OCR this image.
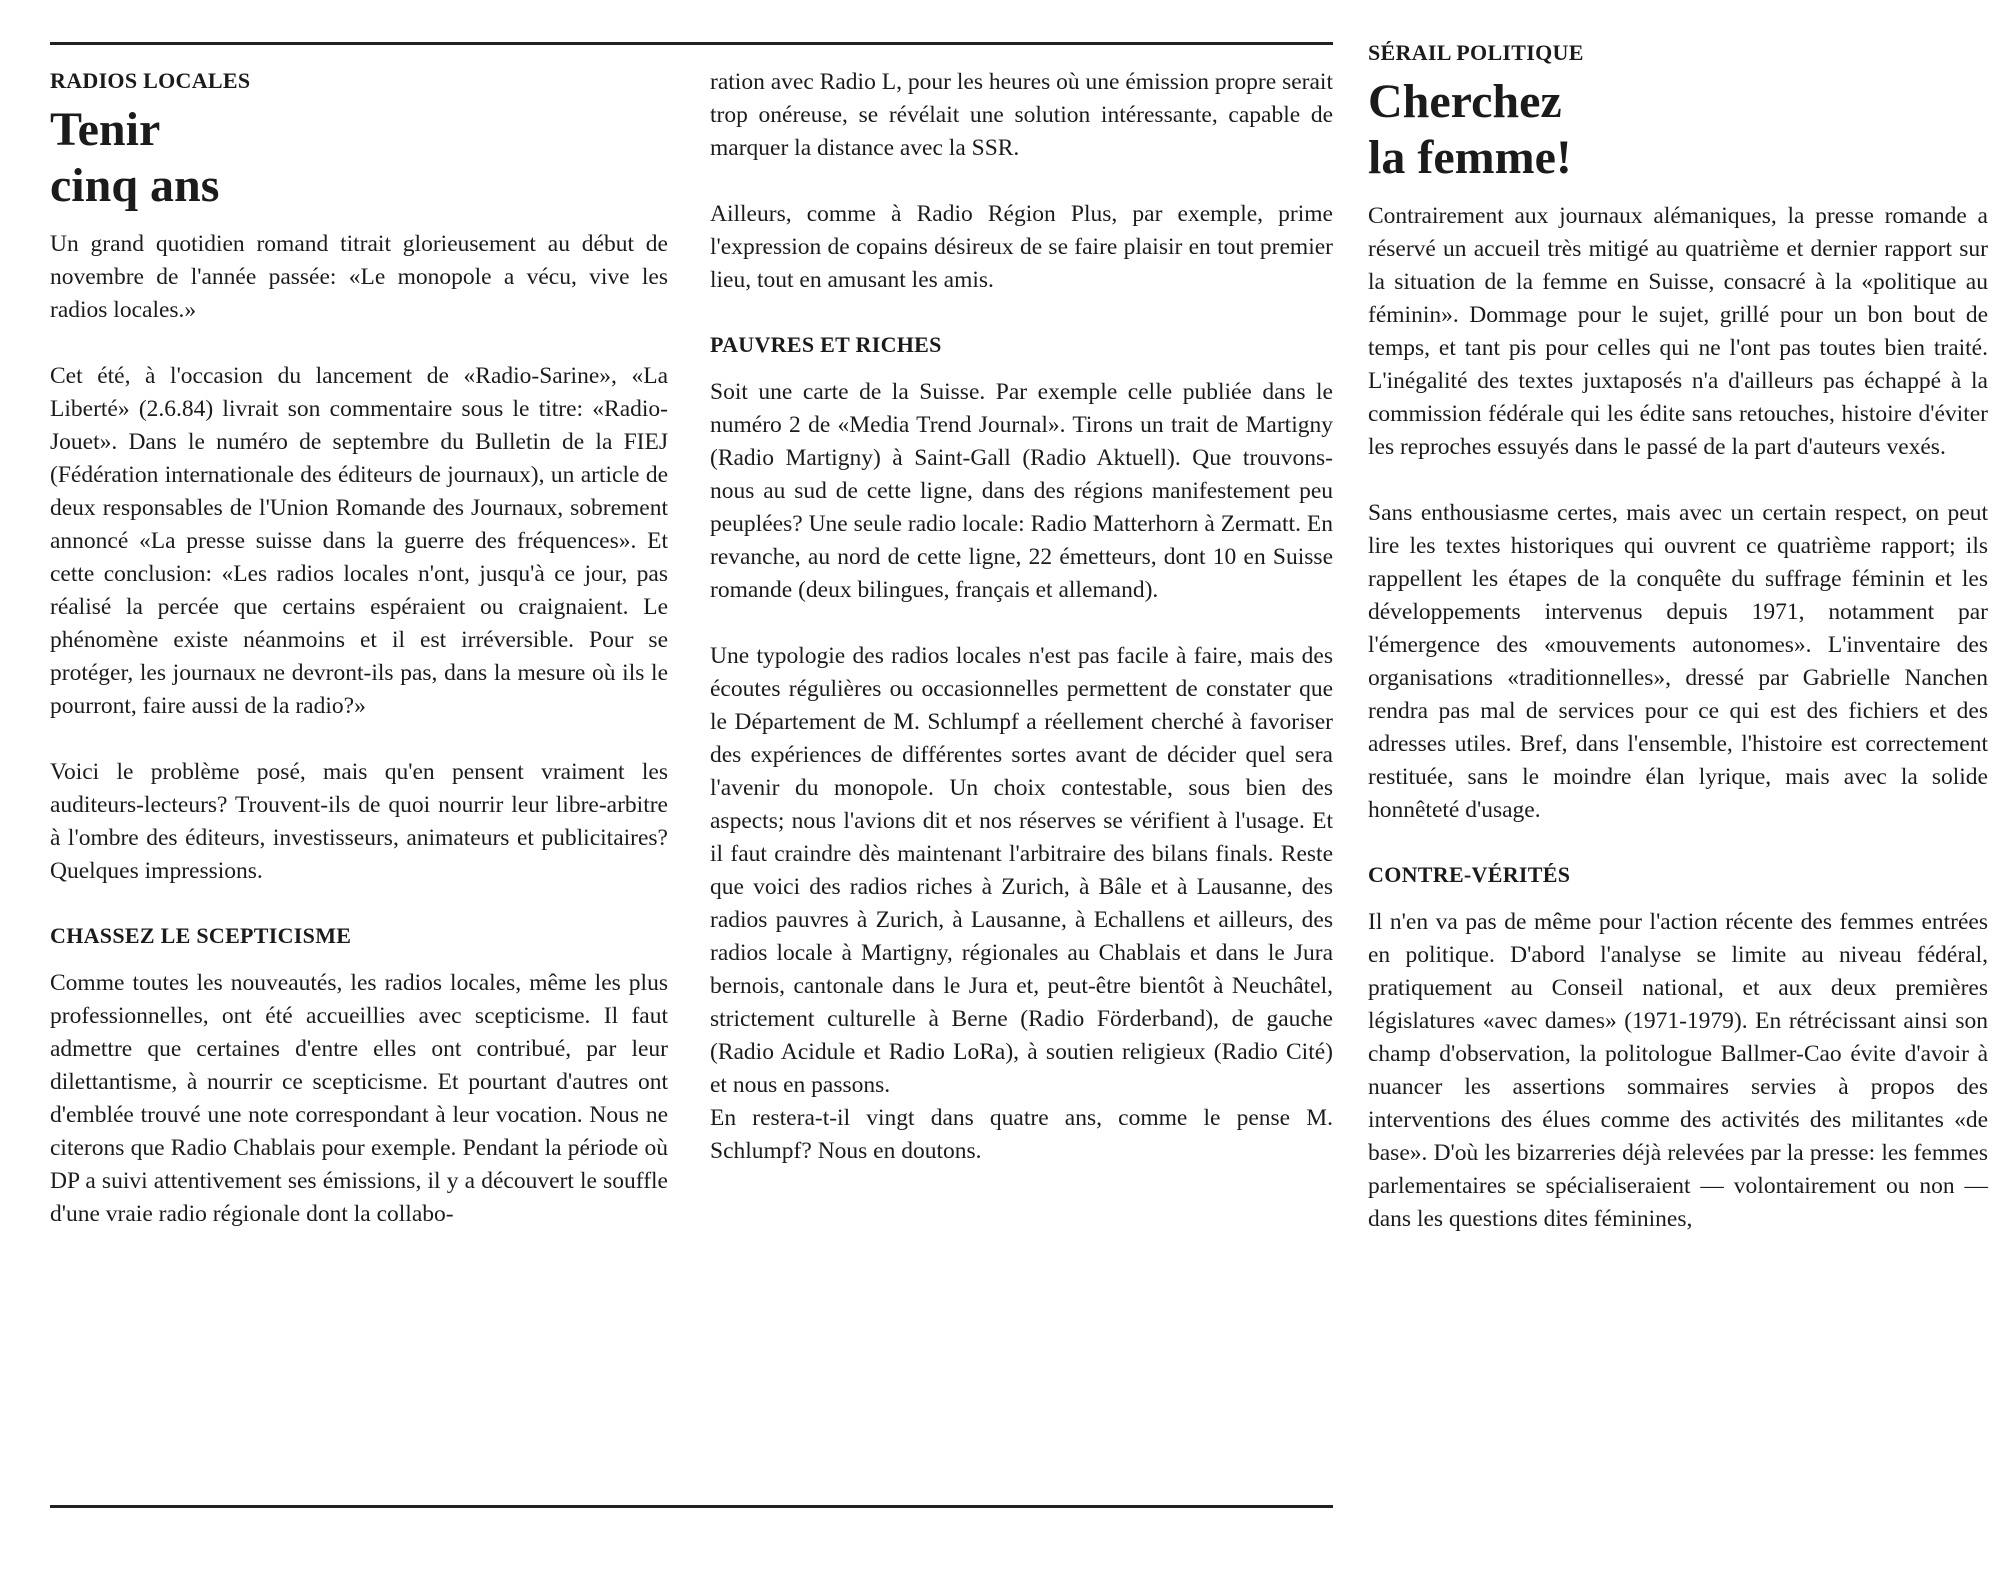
RADIOS LOCALES
Tenir
cinq ans

Un grand quotidien romand titrait glorieusement au début de novembre de l'année passée: «Le monopole a vécu, vive les radios locales.»

Cet été, à l'occasion du lancement de «Radio-Sarine», «La Liberté» (2.6.84) livrait son commentaire sous le titre: «Radio-Jouet». Dans le numéro de septembre du Bulletin de la FIEJ (Fédération internationale des éditeurs de journaux), un article de deux responsables de l'Union Romande des Journaux, sobrement annoncé «La presse suisse dans la guerre des fréquences». Et cette conclusion: «Les radios locales n'ont, jusqu'à ce jour, pas réalisé la percée que certains espéraient ou craignaient. Le phénomène existe néanmoins et il est irréversible. Pour se protéger, les journaux ne devront-ils pas, dans la mesure où ils le pourront, faire aussi de la radio?»

Voici le problème posé, mais qu'en pensent vraiment les auditeurs-lecteurs? Trouvent-ils de quoi nourrir leur libre-arbitre à l'ombre des éditeurs, investisseurs, animateurs et publicitaires? Quelques impressions.

CHASSEZ LE SCEPTICISME

Comme toutes les nouveautés, les radios locales, même les plus professionnelles, ont été accueillies avec scepticisme. Il faut admettre que certaines d'entre elles ont contribué, par leur dilettantisme, à nourrir ce scepticisme. Et pourtant d'autres ont d'emblée trouvé une note correspondant à leur vocation. Nous ne citerons que Radio Chablais pour exemple. Pendant la période où DP a suivi attentivement ses émissions, il y a découvert le souffle d'une vraie radio régionale dont la collabo-

ration avec Radio L, pour les heures où une émission propre serait trop onéreuse, se révélait une solution intéressante, capable de marquer la distance avec la SSR.

Ailleurs, comme à Radio Région Plus, par exemple, prime l'expression de copains désireux de se faire plaisir en tout premier lieu, tout en amusant les amis.

PAUVRES ET RICHES

Soit une carte de la Suisse. Par exemple celle publiée dans le numéro 2 de «Media Trend Journal». Tirons un trait de Martigny (Radio Martigny) à Saint-Gall (Radio Aktuell). Que trouvons-nous au sud de cette ligne, dans des régions manifestement peu peuplées? Une seule radio locale: Radio Matterhorn à Zermatt. En revanche, au nord de cette ligne, 22 émetteurs, dont 10 en Suisse romande (deux bilingues, français et allemand).

Une typologie des radios locales n'est pas facile à faire, mais des écoutes régulières ou occasionnelles permettent de constater que le Département de M. Schlumpf a réellement cherché à favoriser des expériences de différentes sortes avant de décider quel sera l'avenir du monopole. Un choix contestable, sous bien des aspects; nous l'avions dit et nos réserves se vérifient à l'usage. Et il faut craindre dès maintenant l'arbitraire des bilans finals. Reste que voici des radios riches à Zurich, à Bâle et à Lausanne, des radios pauvres à Zurich, à Lausanne, à Echallens et ailleurs, des radios locale à Martigny, régionales au Chablais et dans le Jura bernois, cantonale dans le Jura et, peut-être bientôt à Neuchâtel, strictement culturelle à Berne (Radio Förderband), de gauche (Radio Acidule et Radio LoRa), à soutien religieux (Radio Cité) et nous en passons.

En restera-t-il vingt dans quatre ans, comme le pense M. Schlumpf? Nous en doutons.

SÉRAIL POLITIQUE
Cherchez
la femme!

Contrairement aux journaux alémaniques, la presse romande a réservé un accueil très mitigé au quatrième et dernier rapport sur la situation de la femme en Suisse, consacré à la «politique au féminin». Dommage pour le sujet, grillé pour un bon bout de temps, et tant pis pour celles qui ne l'ont pas toutes bien traité. L'inégalité des textes juxtaposés n'a d'ailleurs pas échappé à la commission fédérale qui les édite sans retouches, histoire d'éviter les reproches essuyés dans le passé de la part d'auteurs vexés.

Sans enthousiasme certes, mais avec un certain respect, on peut lire les textes historiques qui ouvrent ce quatrième rapport; ils rappellent les étapes de la conquête du suffrage féminin et les développements intervenus depuis 1971, notamment par l'émergence des «mouvements autonomes». L'inventaire des organisations «traditionnelles», dressé par Gabrielle Nanchen rendra pas mal de services pour ce qui est des fichiers et des adresses utiles. Bref, dans l'ensemble, l'histoire est correctement restituée, sans le moindre élan lyrique, mais avec la solide honnêteté d'usage.

CONTRE-VÉRITÉS

Il n'en va pas de même pour l'action récente des femmes entrées en politique. D'abord l'analyse se limite au niveau fédéral, pratiquement au Conseil national, et aux deux premières législatures «avec dames» (1971-1979). En rétrécissant ainsi son champ d'observation, la politologue Ballmer-Cao évite d'avoir à nuancer les assertions sommaires servies à propos des interventions des élues comme des activités des militantes «de base». D'où les bizarreries déjà relevées par la presse: les femmes parlementaires se spécialiseraient — volontairement ou non — dans les questions dites féminines,
